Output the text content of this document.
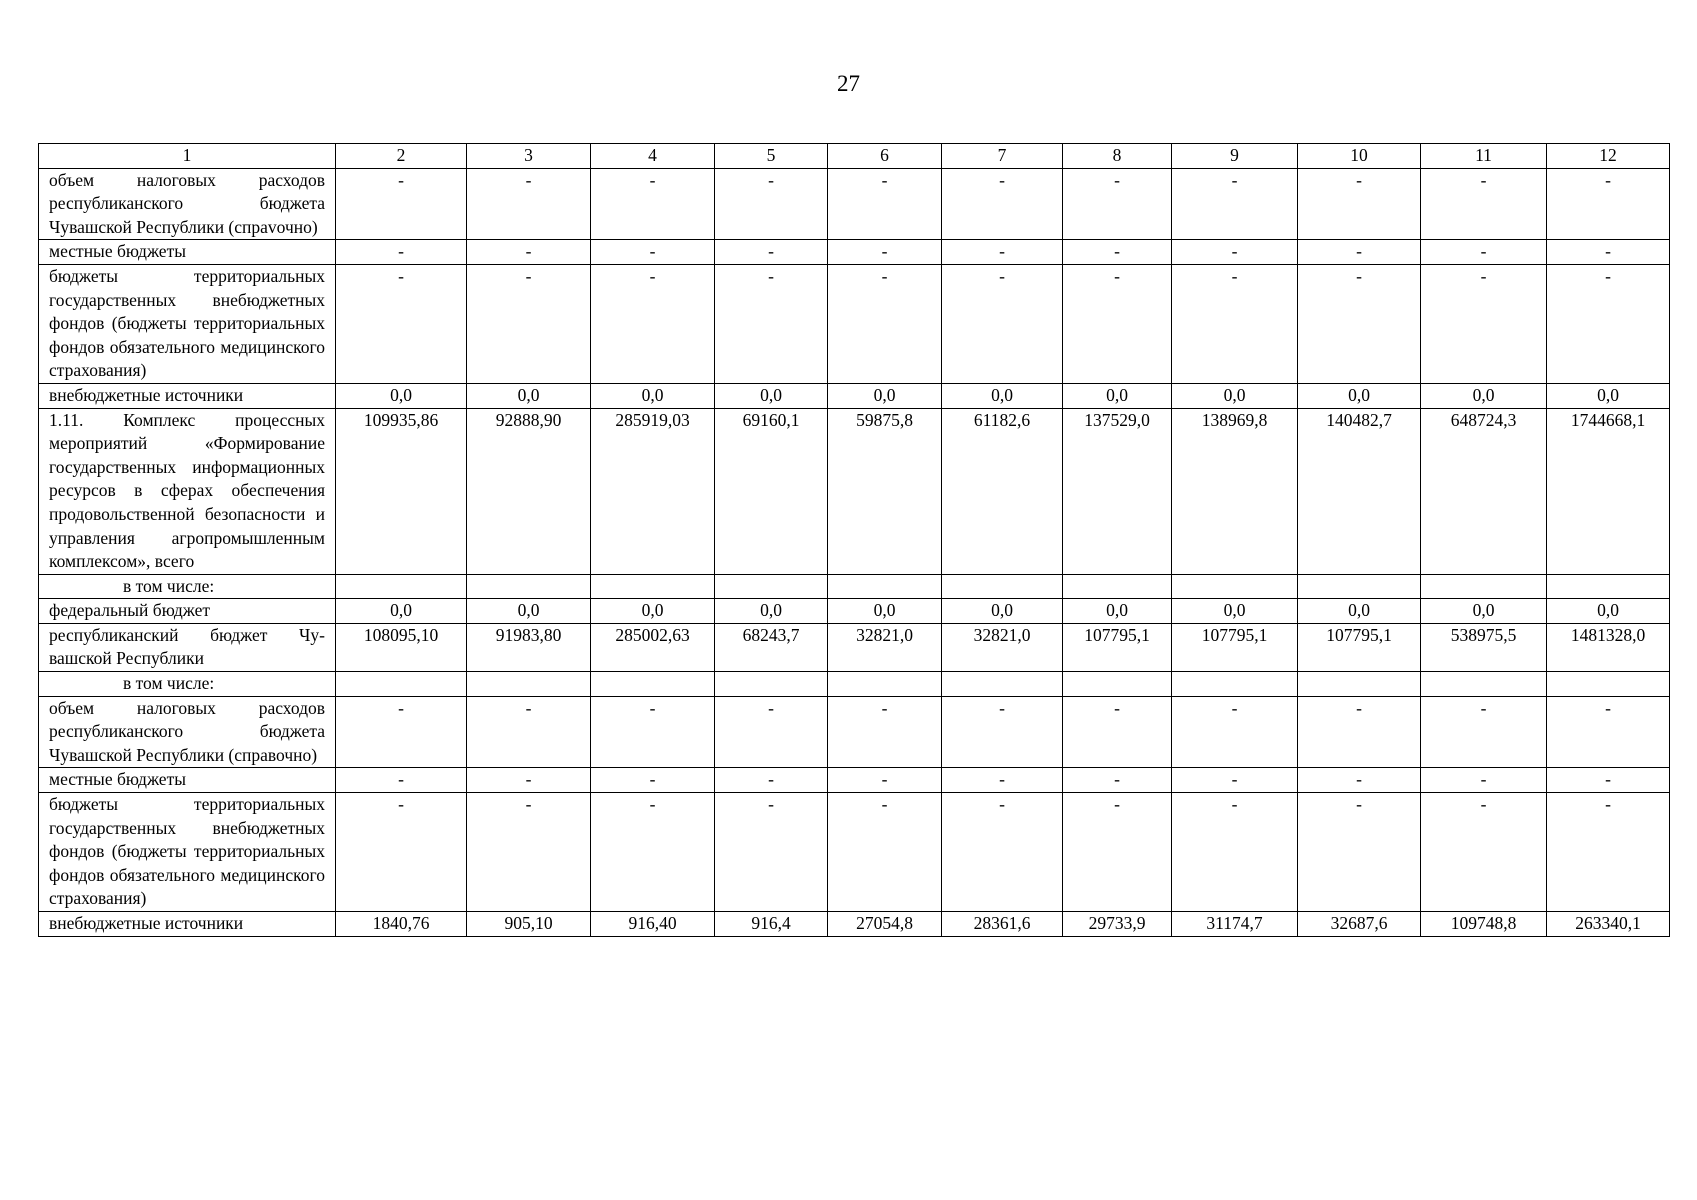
27
1	2	3	4	5	6	7	8	9	10	11	12
объем налоговых расходов республиканского бюджета Чувашской Республики (спраvочно)	-	-	-	-	-	-	-	-	-	-	-
местные бюджеты	-	-	-	-	-	-	-	-	-	-	-
бюджеты территориальных государственных внебюджетных фондов (бюджеты территориальных фондов обязательного медицинского страхования)	-	-	-	-	-	-	-	-	-	-	-
внебюджетные источники	0,0	0,0	0,0	0,0	0,0	0,0	0,0	0,0	0,0	0,0	0,0
1.11. Комплекс процессных мероприятий «Формирование государственных информационных ресурсов в сферах обеспечения продовольственной безопасности и управления агропромышленным комплексом», всего	109935,86	92888,90	285919,03	69160,1	59875,8	61182,6	137529,0	138969,8	140482,7	648724,3	1744668,1
в том числе:											
федеральный бюджет	0,0	0,0	0,0	0,0	0,0	0,0	0,0	0,0	0,0	0,0	0,0
республиканский бюджет Чувашской Республики	108095,10	91983,80	285002,63	68243,7	32821,0	32821,0	107795,1	107795,1	107795,1	538975,5	1481328,0
в том числе:											
объем налоговых расходов республиканского бюджета Чувашской Республики (справочно)	-	-	-	-	-	-	-	-	-	-	-
местные бюджеты	-	-	-	-	-	-	-	-	-	-	-
бюджеты территориальных государственных внебюджетных фондов (бюджеты территориальных фондов обязательного медицинского страхования)	-	-	-	-	-	-	-	-	-	-	-
внебюджетные источники	1840,76	905,10	916,40	916,4	27054,8	28361,6	29733,9	31174,7	32687,6	109748,8	263340,1
